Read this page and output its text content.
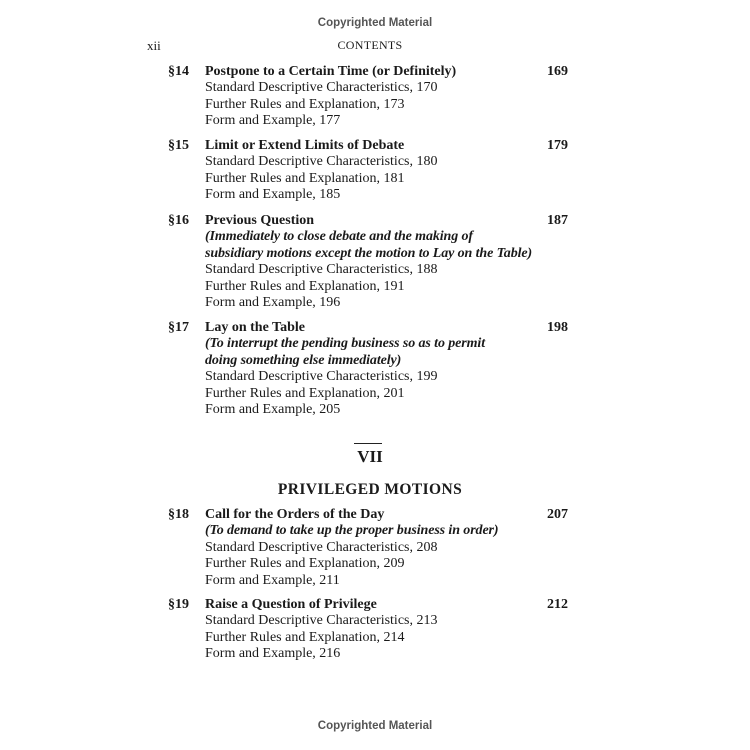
Copyrighted Material
xii	CONTENTS
§14 Postpone to a Certain Time (or Definitely)	169
Standard Descriptive Characteristics, 170
Further Rules and Explanation, 173
Form and Example, 177
§15 Limit or Extend Limits of Debate	179
Standard Descriptive Characteristics, 180
Further Rules and Explanation, 181
Form and Example, 185
§16 Previous Question	187
(Immediately to close debate and the making of
subsidiary motions except the motion to Lay on the Table)
Standard Descriptive Characteristics, 188
Further Rules and Explanation, 191
Form and Example, 196
§17 Lay on the Table	198
(To interrupt the pending business so as to permit
doing something else immediately)
Standard Descriptive Characteristics, 199
Further Rules and Explanation, 201
Form and Example, 205
§18 Call for the Orders of the Day	207
(To demand to take up the proper business in order)
Standard Descriptive Characteristics, 208
Further Rules and Explanation, 209
Form and Example, 211
§19 Raise a Question of Privilege	212
Standard Descriptive Characteristics, 213
Further Rules and Explanation, 214
Form and Example, 216
VII
PRIVILEGED MOTIONS
Copyrighted Material
